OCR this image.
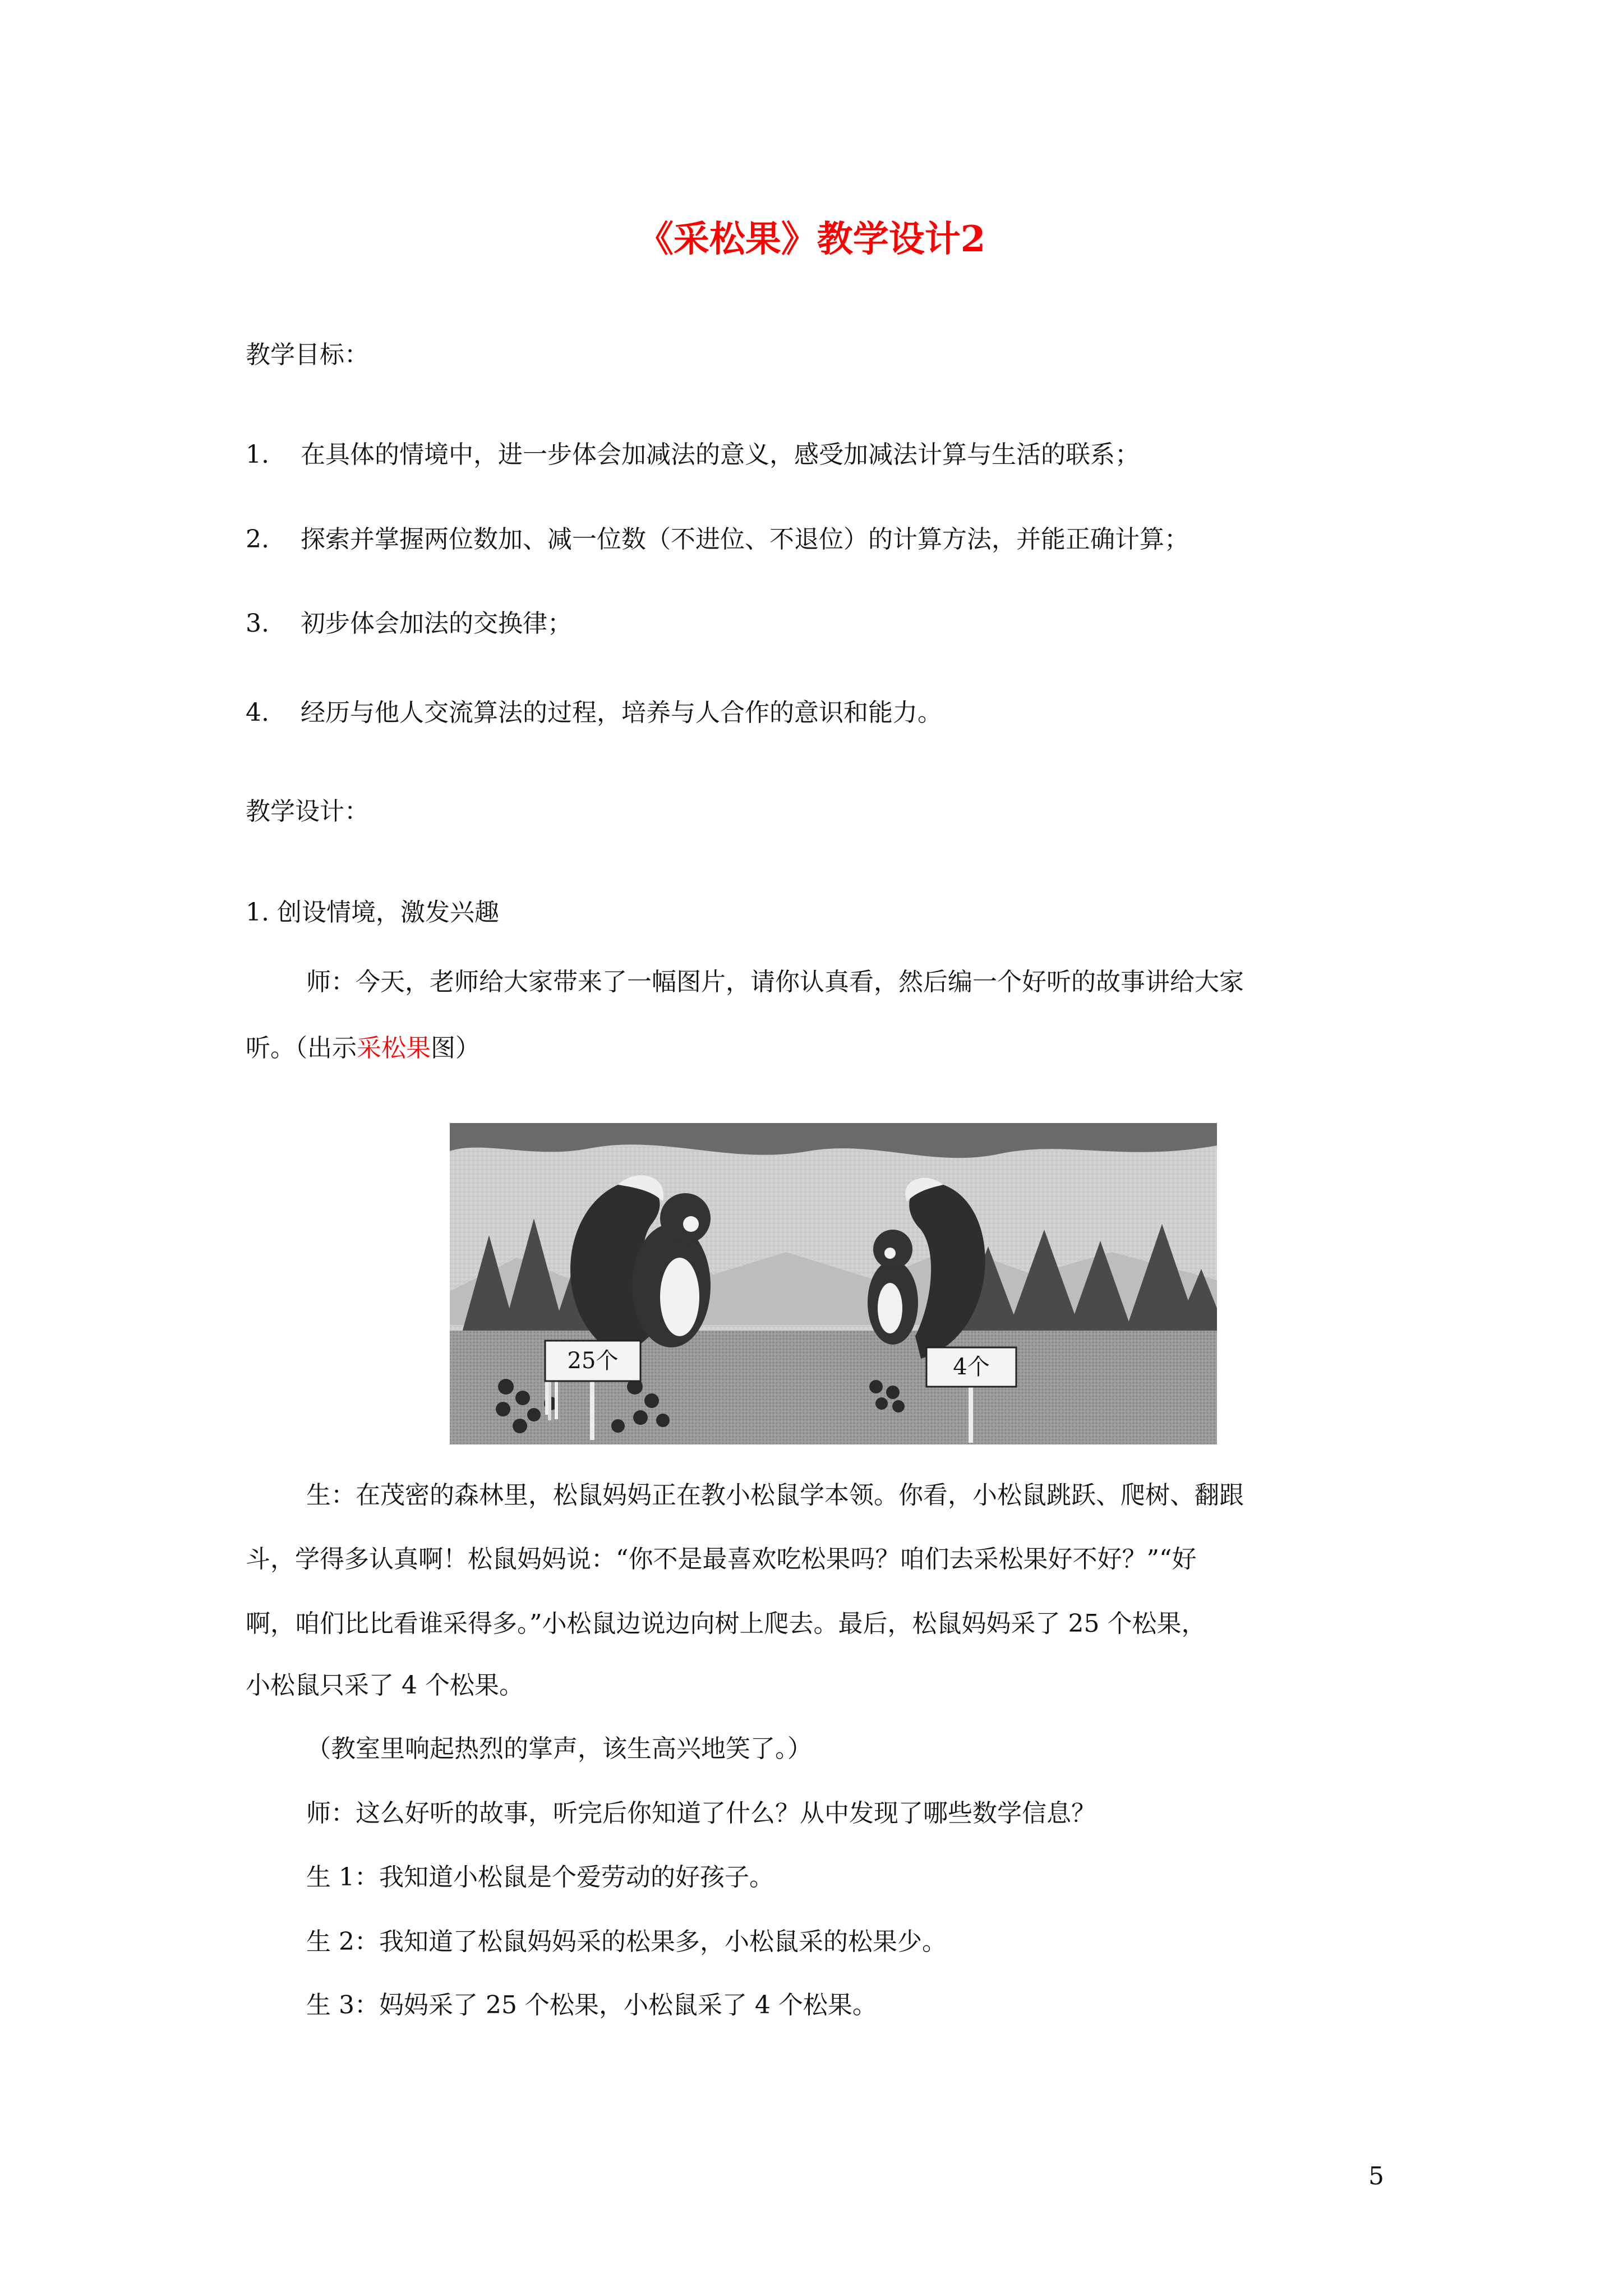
《采松果》教学设计2
教学目标：
1. 在具体的情境中，进一步体会加减法的意义，感受加减法计算与生活的联系；
2. 探索并掌握两位数加、减一位数（不进位、不退位）的计算方法，并能正确计算；
3. 初步体会加法的交换律；
4. 经历与他人交流算法的过程，培养与人合作的意识和能力。
教学设计：
1. 创设情境，激发兴趣
师：今天，老师给大家带来了一幅图片，请你认真看，然后编一个好听的故事讲给大家
听。（出示采松果图）
25个	4个
生：在茂密的森林里，松鼠妈妈正在教小松鼠学本领。你看，小松鼠跳跃、爬树、翻跟
斗，学得多认真啊！松鼠妈妈说：“你不是最喜欢吃松果吗？咱们去采松果好不好？”“好
啊，咱们比比看谁采得多。”小松鼠边说边向树上爬去。最后，松鼠妈妈采了 25 个松果，
小松鼠只采了 4 个松果。
（教室里响起热烈的掌声，该生高兴地笑了。）
师：这么好听的故事，听完后你知道了什么？从中发现了哪些数学信息？
生 1：我知道小松鼠是个爱劳动的好孩子。
生 2：我知道了松鼠妈妈采的松果多，小松鼠采的松果少。
生 3：妈妈采了 25 个松果，小松鼠采了 4 个松果。
5
